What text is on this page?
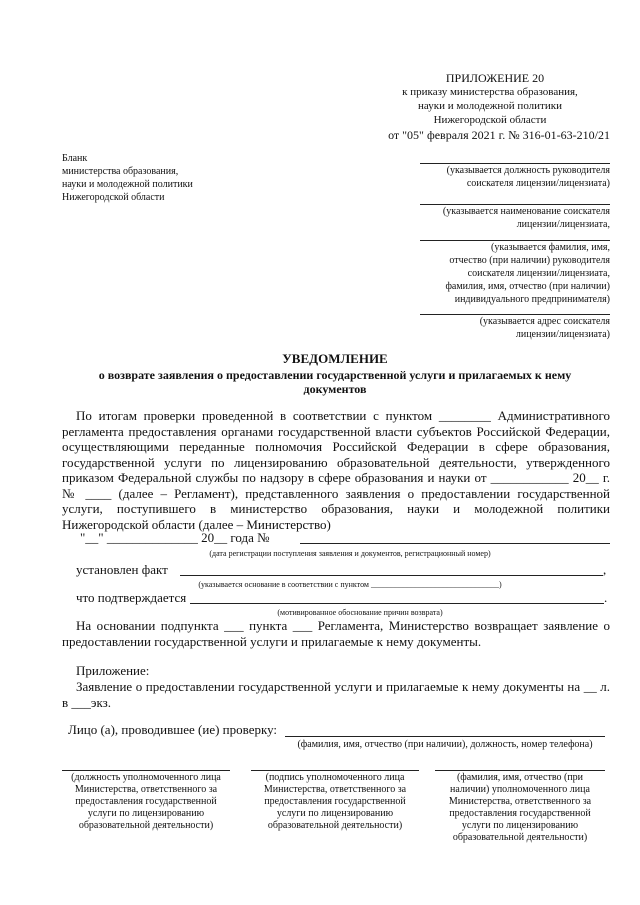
ПРИЛОЖЕНИЕ 20
к приказу министерства образования,
науки и молодежной политики
Нижегородской области
от "05" февраля 2021 г. № 316-01-63-210/21
Бланк
министерства образования,
науки и молодежной политики
Нижегородской области
(указывается должность руководителя
соискателя лицензии/лицензиата)
(указывается наименование соискателя
лицензии/лицензиата,
(указывается фамилия, имя,
отчество (при наличии) руководителя
соискателя лицензии/лицензиата,
фамилия, имя, отчество (при наличии)
индивидуального предпринимателя)
(указывается адрес соискателя
лицензии/лицензиата)
УВЕДОМЛЕНИЕ
о возврате заявления о предоставлении государственной услуги и прилагаемых к нему
документов
По итогам проверки проведенной в соответствии с пунктом ________ Административного регламента предоставления органами государственной власти субъектов Российской Федерации, осуществляющими переданные полномочия Российской Федерации в сфере образования, государственной услуги по лицензированию образовательной деятельности, утвержденного приказом Федеральной службы по надзору в сфере образования и науки от ____________ 20__ г. № ____ (далее – Регламент), представленного заявления о предоставлении государственной услуги, поступившего в министерство образования, науки и молодежной политики Нижегородской области (далее – Министерство)
"__" ______________ 20__ года №
(дата регистрации поступления заявления и документов, регистрационный номер)
установлен факт	,
(указывается основание в соответствии с пунктом ________________________________)
что подтверждается	.
(мотивированное обоснование причин возврата)
На основании подпункта ___ пункта ___ Регламента, Министерство возвращает заявление о предоставлении государственной услуги и прилагаемые к нему документы.
Приложение:
Заявление о предоставлении государственной услуги и прилагаемые к нему документы на __ л. в ___экз.
Лицо (а), проводившее (ие) проверку:
(фамилия, имя, отчество (при наличии), должность, номер телефона)
(должность уполномоченного лица
Министерства, ответственного за
предоставления государственной
услуги по лицензированию
образовательной деятельности)
(подпись уполномоченного лица
Министерства, ответственного за
предоставления государственной
услуги по лицензированию
образовательной деятельности)
(фамилия, имя, отчество (при
наличии) уполномоченного лица
Министерства, ответственного за
предоставления государственной
услуги по лицензированию
образовательной деятельности)
